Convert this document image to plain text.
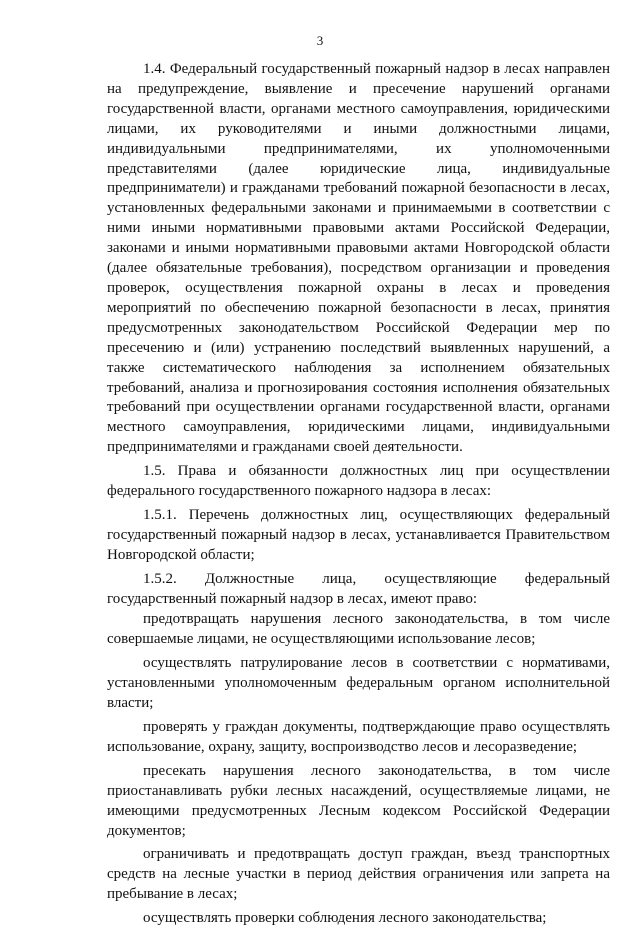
3

1.4. Федеральный государственный пожарный надзор в лесах направлен на предупреждение, выявление и пресечение нарушений органами государственной власти, органами местного самоуправления, юридическими лицами, их руководителями и иными должностными лицами, индивидуальными предпринимателями, их уполномоченными представителями (далее юридические лица, индивидуальные предприниматели) и гражданами требований пожарной безопасности в лесах, установленных федеральными законами и принимаемыми в соответствии с ними иными нормативными правовыми актами Российской Федерации, законами и иными нормативными правовыми актами Новгородской области (далее обязательные требования), посредством организации и проведения проверок, осуществления пожарной охраны в лесах и проведения мероприятий по обеспечению пожарной безопасности в лесах, принятия предусмотренных законодательством Российской Федерации мер по пресечению и (или) устранению последствий выявленных нарушений, а также систематического наблюдения за исполнением обязательных требований, анализа и прогнозирования состояния исполнения обязательных требований при осуществлении органами государственной власти, органами местного самоуправления, юридическими лицами, индивидуальными предпринимателями и гражданами своей деятельности.

1.5. Права и обязанности должностных лиц при осуществлении федерального государственного пожарного надзора в лесах:

1.5.1. Перечень должностных лиц, осуществляющих федеральный государственный пожарный надзор в лесах, устанавливается Правительством Новгородской области;

1.5.2. Должностные лица, осуществляющие федеральный государственный пожарный надзор в лесах, имеют право:

предотвращать нарушения лесного законодательства, в том числе совершаемые лицами, не осуществляющими использование лесов;

осуществлять патрулирование лесов в соответствии с нормативами, установленными уполномоченным федеральным органом исполнительной власти;

проверять у граждан документы, подтверждающие право осуществлять использование, охрану, защиту, воспроизводство лесов и лесоразведение;

пресекать нарушения лесного законодательства, в том числе приостанавливать рубки лесных насаждений, осуществляемые лицами, не имеющими предусмотренных Лесным кодексом Российской Федерации документов;

ограничивать и предотвращать доступ граждан, въезд транспортных средств на лесные участки в период действия ограничения или запрета на пребывание в лесах;

осуществлять проверки соблюдения лесного законодательства;
